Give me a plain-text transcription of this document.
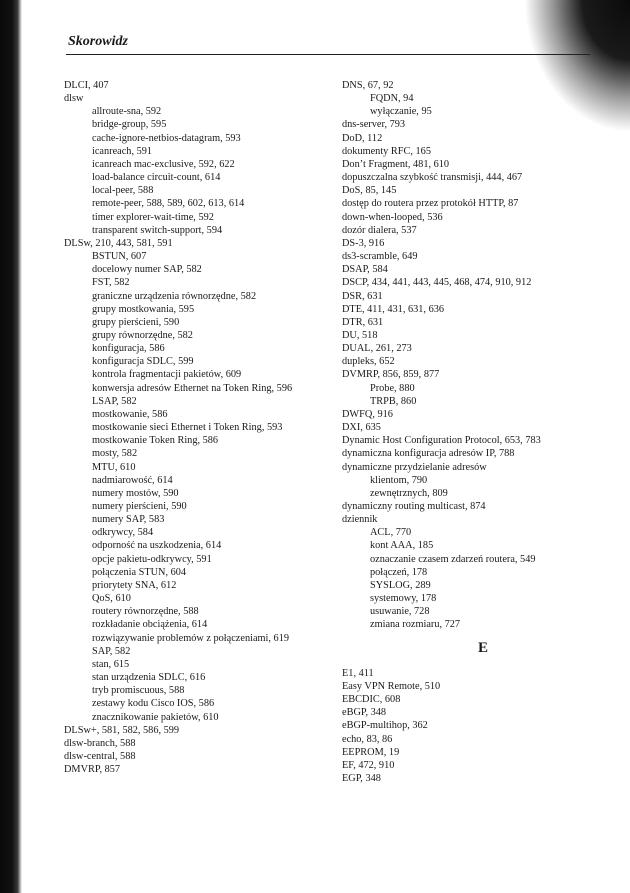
Skorowidz
DLCI, 407
dlsw
allroute-sna, 592
bridge-group, 595
cache-ignore-netbios-datagram, 593
icanreach, 591
icanreach mac-exclusive, 592, 622
load-balance circuit-count, 614
local-peer, 588
remote-peer, 588, 589, 602, 613, 614
timer explorer-wait-time, 592
transparent switch-support, 594
DLSw, 210, 443, 581, 591
BSTUN, 607
docelowy numer SAP, 582
FST, 582
graniczne urządzenia równorzędne, 582
grupy mostkowania, 595
grupy pierścieni, 590
grupy równorzędne, 582
konfiguracja, 586
konfiguracja SDLC, 599
kontrola fragmentacji pakietów, 609
konwersja adresów Ethernet na Token Ring, 596
LSAP, 582
mostkowanie, 586
mostkowanie sieci Ethernet i Token Ring, 593
mostkowanie Token Ring, 586
mosty, 582
MTU, 610
nadmiarowość, 614
numery mostów, 590
numery pierścieni, 590
numery SAP, 583
odkrywcy, 584
odporność na uszkodzenia, 614
opcje pakietu-odkrywcy, 591
połączenia STUN, 604
priorytety SNA, 612
QoS, 610
routery równorzędne, 588
rozkładanie obciążenia, 614
rozwiązywanie problemów z połączeniami, 619
SAP, 582
stan, 615
stan urządzenia SDLC, 616
tryb promiscuous, 588
zestawy kodu Cisco IOS, 586
znacznikowanie pakietów, 610
DLSw+, 581, 582, 586, 599
dlsw-branch, 588
dlsw-central, 588
DMVRP, 857
DNS, 67, 92
FQDN, 94
wyłączanie, 95
dns-server, 793
DoD, 112
dokumenty RFC, 165
Don’t Fragment, 481, 610
dopuszczalna szybkość transmisji, 444, 467
DoS, 85, 145
dostęp do routera przez protokół HTTP, 87
down-when-looped, 536
dozór dialera, 537
DS-3, 916
ds3-scramble, 649
DSAP, 584
DSCP, 434, 441, 443, 445, 468, 474, 910, 912
DSR, 631
DTE, 411, 431, 631, 636
DTR, 631
DU, 518
DUAL, 261, 273
dupleks, 652
DVMRP, 856, 859, 877
Probe, 880
TRPB, 860
DWFQ, 916
DXI, 635
Dynamic Host Configuration Protocol, 653, 783
dynamiczna konfiguracja adresów IP, 788
dynamiczne przydzielanie adresów
klientom, 790
zewnętrznych, 809
dynamiczny routing multicast, 874
dziennik
ACL, 770
kont AAA, 185
oznaczanie czasem zdarzeń routera, 549
połączeń, 178
SYSLOG, 289
systemowy, 178
usuwanie, 728
zmiana rozmiaru, 727
E
E1, 411
Easy VPN Remote, 510
EBCDIC, 608
eBGP, 348
eBGP-multihop, 362
echo, 83, 86
EEPROM, 19
EF, 472, 910
EGP, 348
